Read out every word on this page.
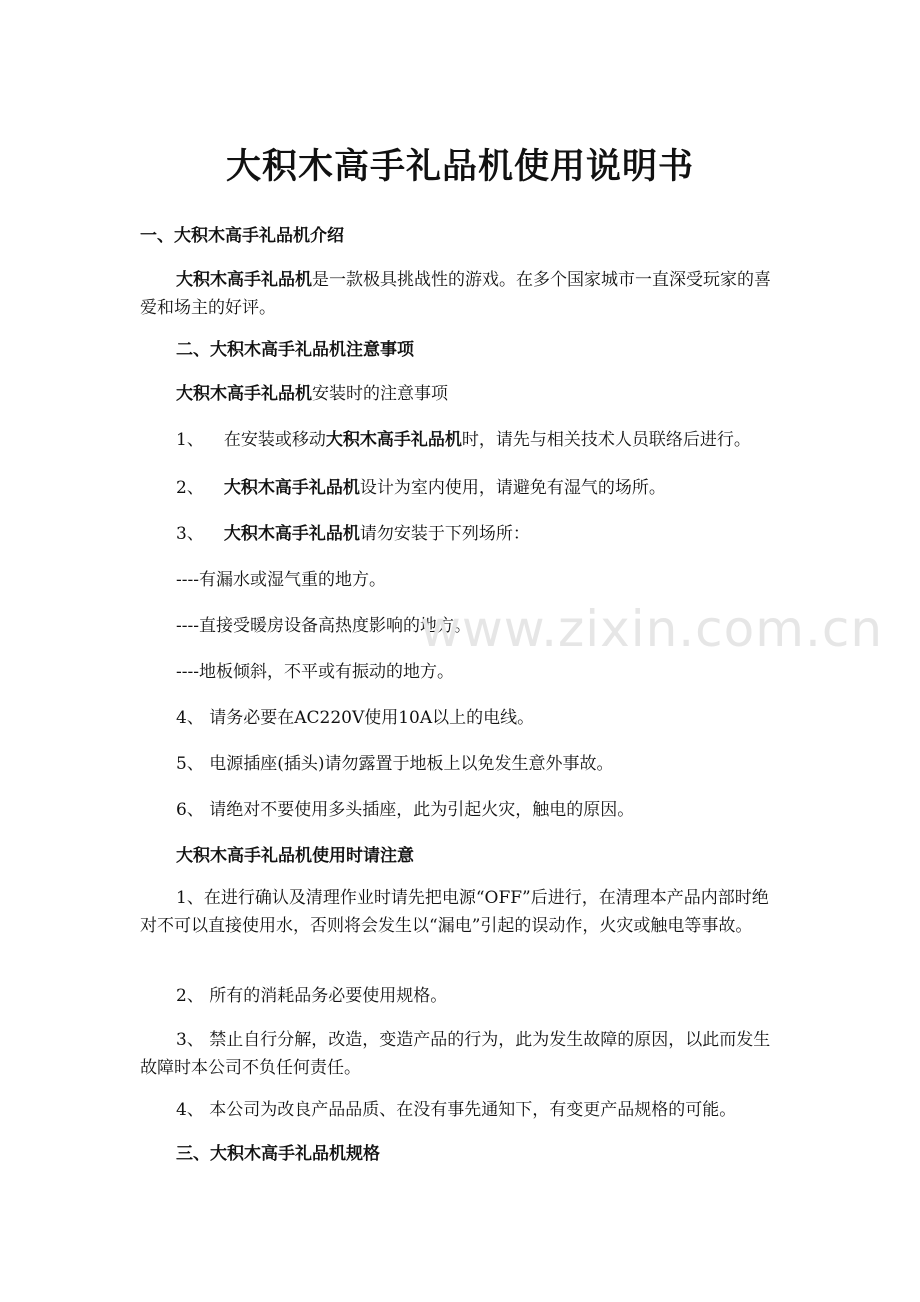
大积木高手礼品机使用说明书
一、大积木高手礼品机介绍
大积木高手礼品机是一款极具挑战性的游戏。在多个国家城市一直深受玩家的喜爱和场主的好评。
二、大积木高手礼品机注意事项
大积木高手礼品机安装时的注意事项
1、 在安装或移动大积木高手礼品机时，请先与相关技术人员联络后进行。
2、 大积木高手礼品机设计为室内使用，请避免有湿气的场所。
3、 大积木高手礼品机请勿安装于下列场所：
----有漏水或湿气重的地方。
----直接受暖房设备高热度影响的地方。
----地板倾斜，不平或有振动的地方。
4、 请务必要在AC220V使用10A以上的电线。
5、 电源插座(插头)请勿露置于地板上以免发生意外事故。
6、 请绝对不要使用多头插座，此为引起火灾，触电的原因。
大积木高手礼品机使用时请注意
1、在进行确认及清理作业时请先把电源“OFF”后进行，在清理本产品内部时绝对不可以直接使用水，否则将会发生以“漏电”引起的误动作，火灾或触电等事故。
2、 所有的消耗品务必要使用规格。
3、 禁止自行分解，改造，变造产品的行为，此为发生故障的原因，以此而发生故障时本公司不负任何责任。
4、 本公司为改良产品品质、在没有事先通知下，有变更产品规格的可能。
三、大积木高手礼品机规格
www.zixin.com.cn
